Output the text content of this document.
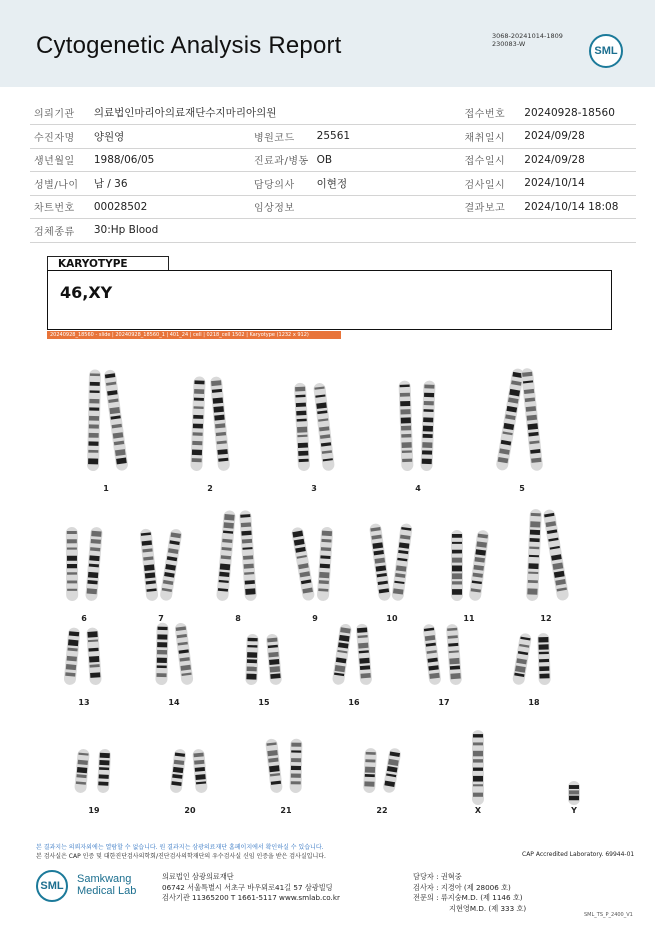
Cytogenetic Analysis Report	3068-20241014-1809
230083-W
SML
의뢰기관	의료법인마리아의료재단수지마리아의원			접수번호	20240928-18560
수진자명	양원영	병원코드	25561	채취일시	2024/09/28
생년월일	1988/06/05	진료과/병동	OB	접수일시	2024/09/28
성별/나이	남 / 36	담당의사	이현정	검사일시	2024/10/14
차트번호	00028502	임상정보		결과보고	2024/10/14 18:08
검체종류	30:Hp Blood				
KARYOTYPE
46,XY
20240928_18560 - slide | 20240928_18560_1 | 401_24 | cell | 0218_cell 1502 | Karyotype (1232 x 912)
1	2	3	4	5
6	7	8	9	10	11	12
13	14	15	16	17	18
19	20	21	22	X	Y
본 결과지는 의뢰자외에는 열람할 수 없습니다. 원 결과지는 삼광의료재단 홈페이지에서 확인하실 수 있습니다.
본 검사실은 CAP 인증 및 대한진단검사의학회/진단검사의학재단의 우수검사실 신임 인증을 받은 검사실입니다.	CAP Accredited Laboratory. 69944-01
SML
Samkwang
Medical Lab
의료법인 삼광의료재단
06742 서울특별시 서초구 바우뫼로41길 57 삼광빌딩
검사기관 11365200 T 1661-5117 www.smlab.co.kr
담당자 : 권혁중
검사자 : 지경아 (제 28006 호)
전문의 : 류지숭M.D. (제 1146 호)
지현영M.D. (제 333 호)
SML_TS_P_2400_V1
